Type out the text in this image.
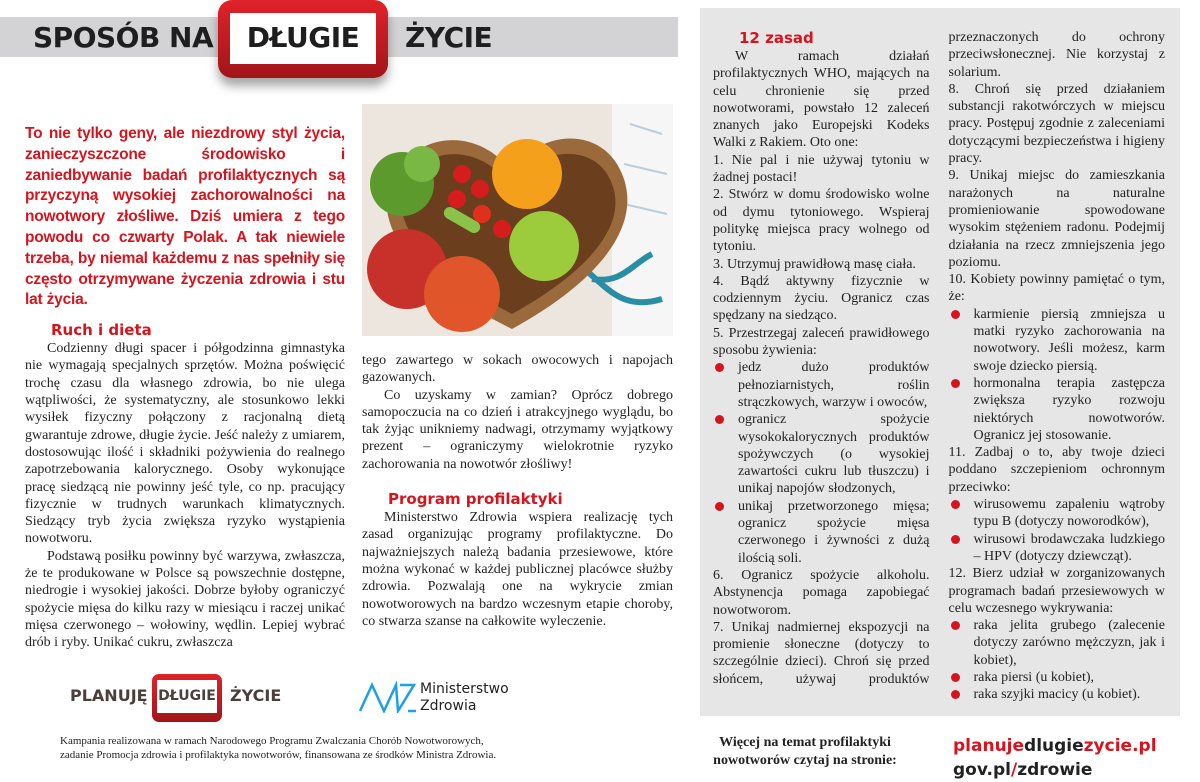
SPOSÓB NA	DŁUGIE	ŻYCIE
To nie tylko geny, ale niezdrowy styl życia, zanieczyszczone środowisko i zaniedbywanie badań profilaktycznych są przyczyną wysokiej zachorowalności na nowotwory złośliwe. Dziś umiera z tego powodu co czwarty Polak. A tak niewiele trzeba, by niemal każdemu z nas spełniły się często otrzymywane życzenia zdrowia i stu lat życia.
Ruch i dieta

Codzienny długi spacer i półgodzinna gimnastyka nie wymagają specjalnych sprzętów. Można poświęcić trochę czasu dla własnego zdrowia, bo nie ulega wątpliwości, że systematyczny, ale stosunkowo lekki wysiłek fizyczny połączony z racjonalną dietą gwarantuje zdrowe, długie życie. Jeść należy z umiarem, dostosowując ilość i składniki pożywienia do realnego zapotrzebowania kalorycznego. Osoby wykonujące pracę siedzącą nie powinny jeść tyle, co np. pracujący fizycznie w trudnych warunkach klimatycznych. Siedzący tryb życia zwiększa ryzyko wystąpienia nowotworu.

Podstawą posiłku powinny być warzywa, zwłaszcza, że te produkowane w Polsce są powszechnie dostępne, niedrogie i wysokiej jakości. Dobrze byłoby ograniczyć spożycie mięsa do kilku razy w miesiącu i raczej unikać mięsa czerwonego – wołowiny, wędlin. Lepiej wybrać drób i ryby. Unikać cukru, zwłaszcza

tego zawartego w sokach owocowych i napojach gazowanych.

Co uzyskamy w zamian? Oprócz dobrego samopoczucia na co dzień i atrakcyjnego wyglądu, bo tak żyjąc unikniemy nadwagi, otrzymamy wyjątkowy prezent – ograniczymy wielokrotnie ryzyko zachorowania na nowotwór złośliwy!

Program profilaktyki

Ministerstwo Zdrowia wspiera realizację tych zasad organizując programy profilaktyczne. Do najważniejszych należą badania przesiewowe, które można wykonać w każdej publicznej placówce służby zdrowia. Pozwalają one na wykrycie zmian nowotworowych na bardzo wczesnym etapie choroby, co stwarza szanse na całkowite wyleczenie.

PLANUJĘ DŁUGIE ŻYCIE	Ministerstwo
Zdrowia
Kampania realizowana w ramach Narodowego Programu Zwalczania Chorób Nowotworowych,
zadanie Promocja zdrowia i profilaktyka nowotworów, finansowana ze środków Ministra Zdrowia.
12 zasad

W ramach działań profilaktycznych WHO, mających na celu chronienie się przed nowotworami, powstało 12 zaleceń znanych jako Europejski Kodeks Walki z Rakiem. Oto one:

1. Nie pal i nie używaj tytoniu w żadnej postaci!

2. Stwórz w domu środowisko wolne od dymu tytoniowego. Wspieraj politykę miejsca pracy wolnego od tytoniu.

3. Utrzymuj prawidłową masę ciała.

4. Bądź aktywny fizycznie w codziennym życiu. Ogranicz czas spędzany na siedząco.

5. Przestrzegaj zaleceń prawidłowego sposobu żywienia:

jedz dużo produktów pełnoziarnistych, roślin strączkowych, warzyw i owoców,
ogranicz spożycie wysokokalorycznych produktów spożywczych (o wysokiej zawartości cukru lub tłuszczu) i unikaj napojów słodzonych,
unikaj przetworzonego mięsa; ogranicz spożycie mięsa czerwonego i żywności z dużą ilością soli.

6. Ogranicz spożycie alkoholu. Abstynencja pomaga zapobiegać nowotworom.

7. Unikaj nadmiernej ekspozycji na promienie słoneczne (dotyczy to szczególnie dzieci). Chroń się przed słońcem, używaj produktów przeznaczonych do ochrony przeciwsłonecznej. Nie korzystaj z solarium.

8. Chroń się przed działaniem substancji rakotwórczych w miejscu pracy. Postępuj zgodnie z zaleceniami dotyczącymi bezpieczeństwa i higieny pracy.

9. Unikaj miejsc do zamieszkania narażonych na naturalne promieniowanie spowodowane wysokim stężeniem radonu. Podejmij działania na rzecz zmniejszenia jego poziomu.

10. Kobiety powinny pamiętać o tym, że:

karmienie piersią zmniejsza u matki ryzyko zachorowania na nowotwory. Jeśli możesz, karm swoje dziecko piersią.
hormonalna terapia zastępcza zwiększa ryzyko rozwoju niektórych nowotworów. Ogranicz jej stosowanie.

11. Zadbaj o to, aby twoje dzieci poddano szczepieniom ochronnym przeciwko:

wirusowemu zapaleniu wątroby typu B (dotyczy noworodków),
wirusowi brodawczaka ludzkiego – HPV (dotyczy dziewcząt).

12. Bierz udział w zorganizowanych programach badań przesiewowych w celu wczesnego wykrywania:

raka jelita grubego (zalecenie dotyczy zarówno mężczyzn, jak i kobiet),
raka piersi (u kobiet),
raka szyjki macicy (u kobiet).
Więcej na temat profilaktyki
nowotworów czytaj na stronie:
planujedlugiezycie.pl
gov.pl/zdrowie
